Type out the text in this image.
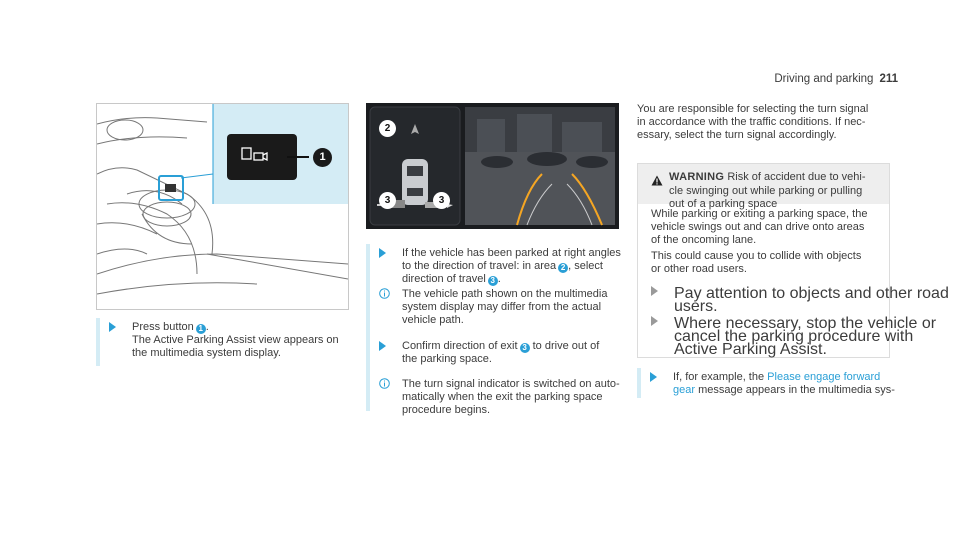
Driving and parking 211
1
2
3	3
Press button 1 .
The Active Parking Assist view appears on
the multimedia system display.
If the vehicle has been parked at right angles
to the direction of travel: in area 2 , select
direction of travel 3 .
The vehicle path shown on the multimedia
system display may differ from the actual
vehicle path.
Confirm direction of exit 3 to drive out of
the parking space.
The turn signal indicator is switched on auto-
matically when the exit the parking space
procedure begins.
You are responsible for selecting the turn signal
in accordance with the traffic conditions. If nec-
essary, select the turn signal accordingly.
WARNING Risk of accident due to vehi-
cle swinging out while parking or pulling
out of a parking space
While parking or exiting a parking space, the
vehicle swings out and can drive onto areas
of the oncoming lane.
This could cause you to collide with objects
or other road users.
Pay attention to objects and other road
users.
Where necessary, stop the vehicle or
cancel the parking procedure with
Active Parking Assist.
If, for example, the Please engage forward
gear message appears in the multimedia sys-
